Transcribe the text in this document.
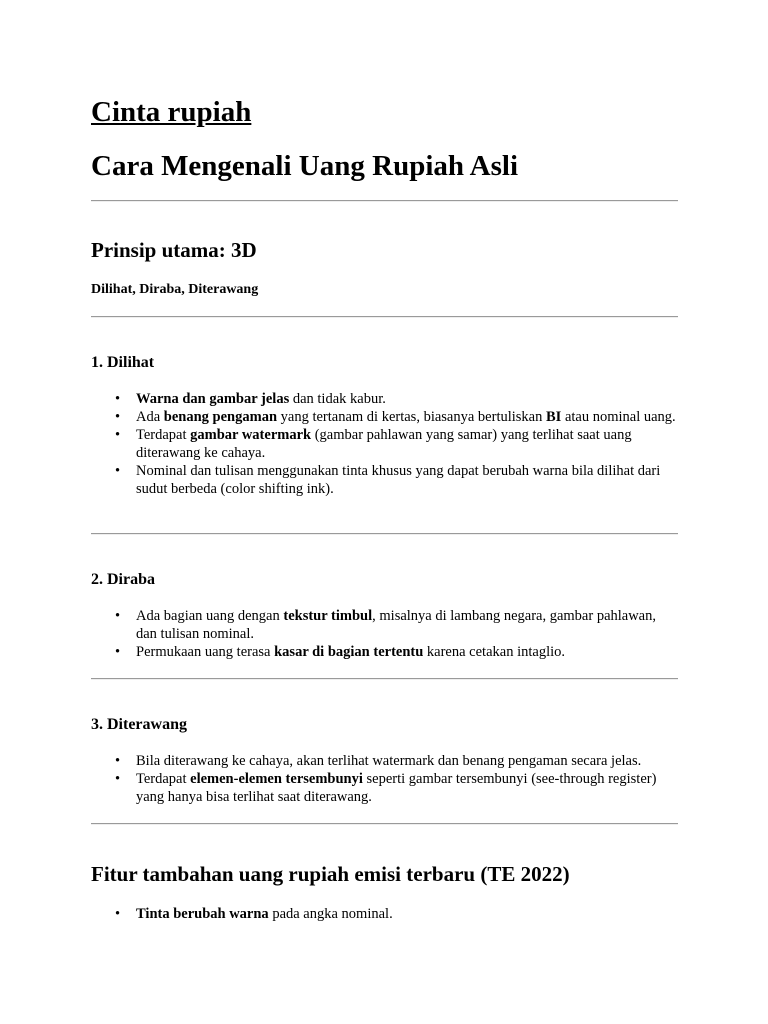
Cinta rupiah
Cara Mengenali Uang Rupiah Asli
Prinsip utama: 3D

Dilihat, Diraba, Diterawang

1. Dilihat
• Warna dan gambar jelas dan tidak kabur.
• Ada benang pengaman yang tertanam di kertas, biasanya bertuliskan BI atau nominal uang.
• Terdapat gambar watermark (gambar pahlawan yang samar) yang terlihat saat uang diterawang ke cahaya.
• Nominal dan tulisan menggunakan tinta khusus yang dapat berubah warna bila dilihat dari sudut berbeda (color shifting ink).
2. Diraba
• Ada bagian uang dengan tekstur timbul, misalnya di lambang negara, gambar pahlawan, dan tulisan nominal.
• Permukaan uang terasa kasar di bagian tertentu karena cetakan intaglio.
3. Diterawang
• Bila diterawang ke cahaya, akan terlihat watermark dan benang pengaman secara jelas.
• Terdapat elemen-elemen tersembunyi seperti gambar tersembunyi (see-through register) yang hanya bisa terlihat saat diterawang.
Fitur tambahan uang rupiah emisi terbaru (TE 2022)
• Tinta berubah warna pada angka nominal.
